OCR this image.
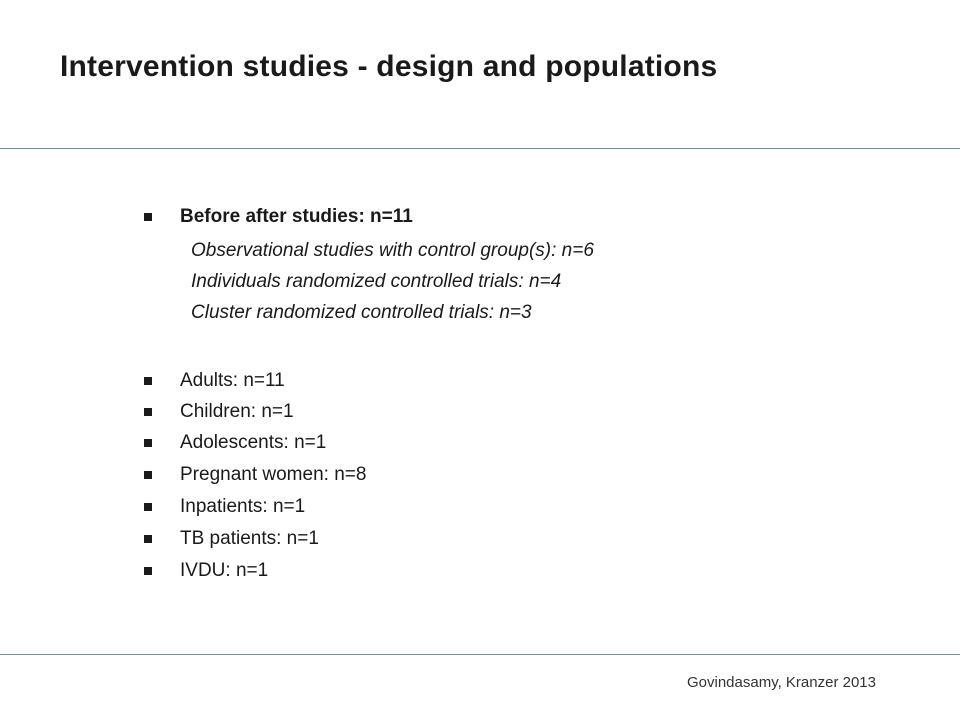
Intervention studies - design and populations
Before after studies: n=11
Observational studies with control group(s): n=6
Individuals randomized controlled trials: n=4
Cluster randomized controlled trials: n=3
Adults: n=11
Children: n=1
Adolescents: n=1
Pregnant women: n=8
Inpatients: n=1
TB patients: n=1
IVDU: n=1
Govindasamy, Kranzer 2013
